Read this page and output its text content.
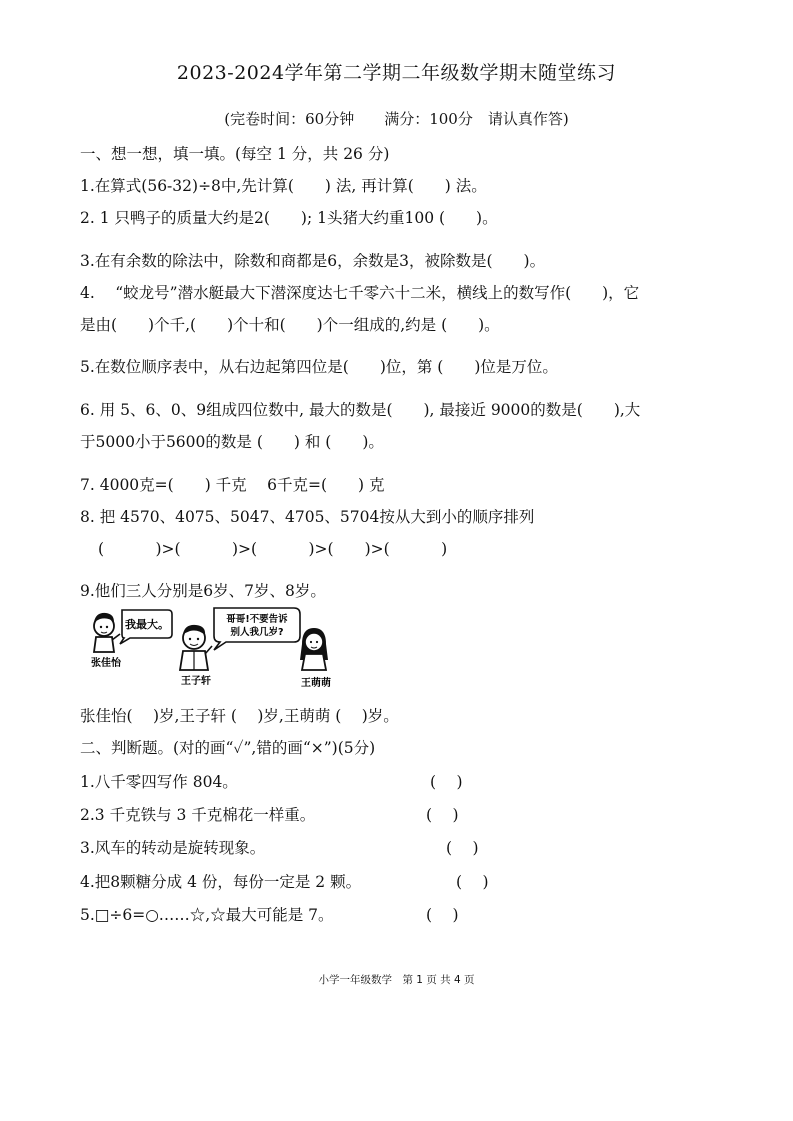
2023-2024学年第二学期二年级数学期末随堂练习
(完卷时间：60分钟　　满分：100分　请认真作答)
一、想一想，填一填。(每空 1 分，共 26 分)
1.在算式(56-32)÷8中,先计算(　　) 法, 再计算(　　) 法。
2. 1 只鸭子的质量大约是2(　　); 1头猪大约重100 (　　)。
3.在有余数的除法中，除数和商都是6，余数是3，被除数是(　　)。
4.　 “蛟龙号”潜水艇最大下潜深度达七千零六十二米，横线上的数写作(　　)，它
是由(　　)个千,(　　)个十和(　　)个一组成的,约是 (　　)。
5.在数位顺序表中，从右边起第四位是(　　)位，第 (　　)位是万位。
6. 用 5、6、0、9组成四位数中, 最大的数是(　　), 最接近 9000的数是(　　),大
于5000小于5600的数是 (　　) 和 (　　)。
7. 4000克=(　　) 千克　 6千克=(　　) 克
8. 把 4570、4075、5047、4705、5704按从大到小的顺序排列
(　　　 )>(　　　 )>(　　　 )>(　　)>(　　　 )
9.他们三人分别是6岁、7岁、8岁。
我最大。
张佳怡
哥哥!不要告诉
别人我几岁?
王子轩	王萌萌
张佳怡(　 )岁,王子轩 (　 )岁,王萌萌 (　 )岁。
二、判断题。(对的画“✓”,错的画“×”)(5分)
1.八千零四写作 804。	(　 )
2.3 千克铁与 3 千克棉花一样重。	(　 )
3.风车的转动是旋转现象。	(　 )
4.把8颗糖分成 4 份，每份一定是 2 颗。	(　 )
5.□÷6=○……☆,☆最大可能是 7。	(　 )
小学一年级数学　第 1 页 共 4 页
